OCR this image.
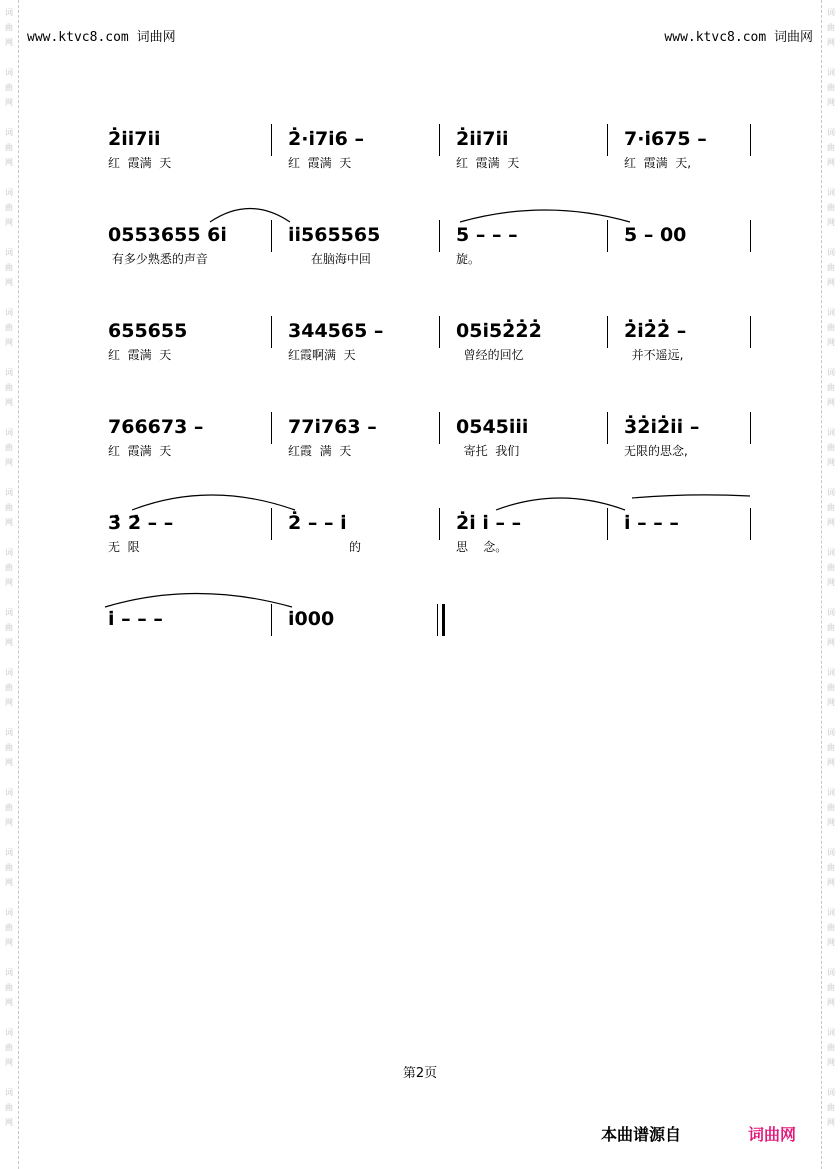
词
曲
网
词
曲
网
词
曲
网
词
曲
网
词
曲
网
词
曲
网
词
曲
网
词
曲
网
词
曲
网
词
曲
网
词
曲
网
词
曲
网
词
曲
网
词
曲
网
词
曲
网
词
曲
网
词
曲
网
词
曲
网
词
曲
网
词
曲
网
词
曲
网
词
曲
网
词
曲
网
词
曲
网
词
曲
网
词
曲
网
词
曲
网
词
曲
网
词
曲
网
词
曲
网
词
曲
网
词
曲
网
词
曲
网
词
曲
网
词
曲
网
词
曲
网
词
曲
网
词
曲
网
www.ktvc8.com 词曲网	www.ktvc8.com 词曲网
2̇i̇i̇7i̇i̇
红  霞满  天
2̇·i̇7i̇6 –
红  霞满  天
2̇i̇i̇7i̇i̇
红  霞满  天
7·i̇675 –
红  霞满  天,
0553655 6i̇
有多少熟悉的声音
i̇i̇565565
在脑海中回
5 – – –
旋。
5 – 00
655655
红  霞满  天
344565 –
红霞啊满  天
05i̇52̇2̇2̇
曾经的回忆
2̇i̇2̇2̇ –
并不遥远,
766673 –
红  霞满  天
77i̇763 –
红霞  满  天
0545i̇i̇i̇
寄托  我们
3̇2̇i̇2̇i̇i̇ –
无限的思念,
3̇ 2̇ – –
无  限
2̇ – – i̇
的
2̇i̇ i̇ – –
思    念。
i̇ – – –
i̇ – – –	i̇000
第2页
本曲谱源自	词曲网
